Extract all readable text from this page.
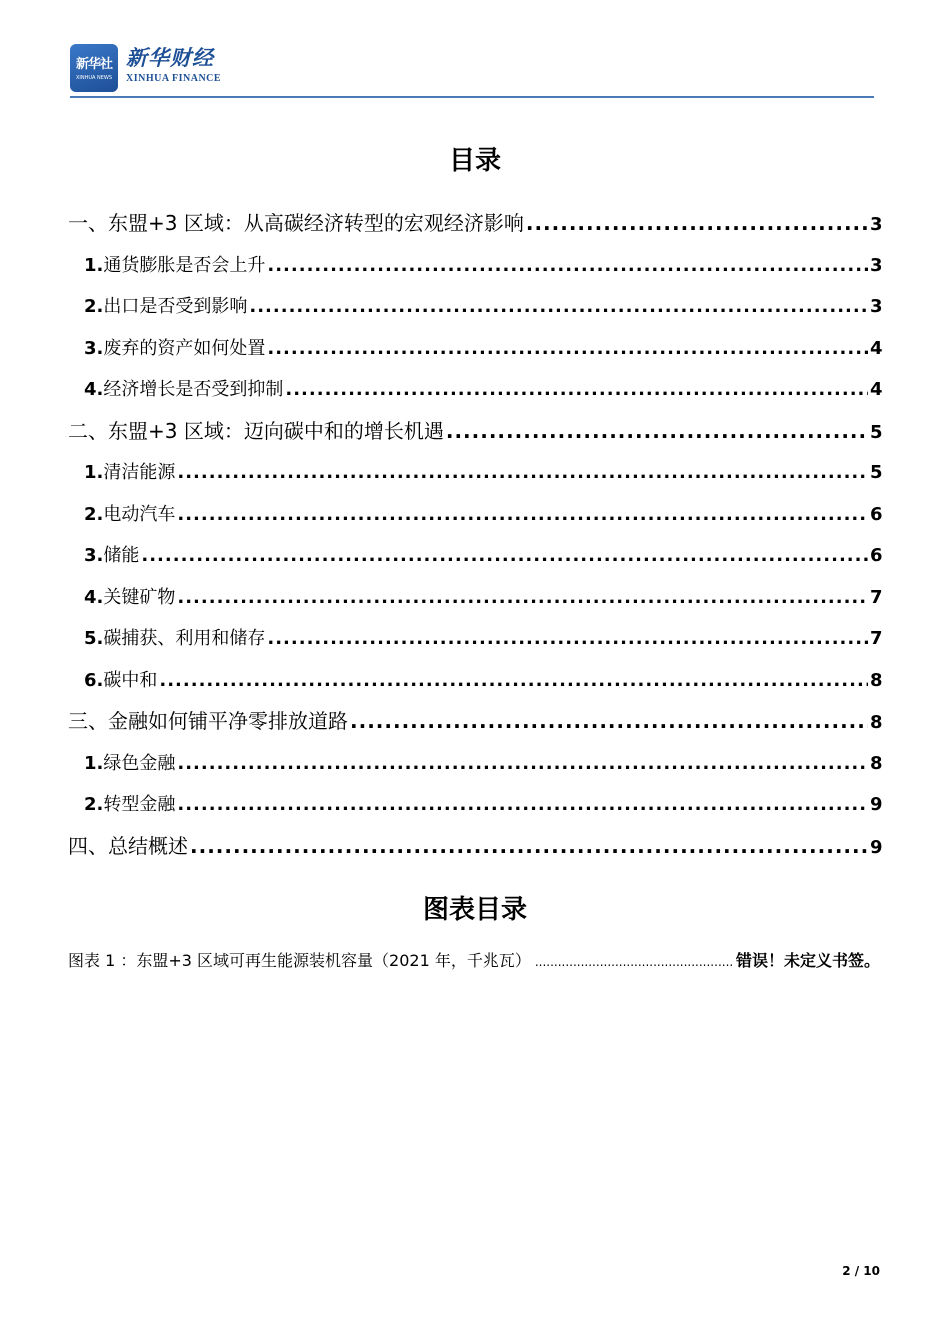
新华社
XINHUA NEWS
新华财经
XINHUA FINANCE
目录
一、东盟+3 区域：从高碳经济转型的宏观经济影响 .....	3
1. 通货膨胀是否会上升 .....	3
2. 出口是否受到影响 .....	3
3. 废弃的资产如何处置 .....	4
4. 经济增长是否受到抑制 .....	4
二、东盟+3 区域：迈向碳中和的增长机遇 .....	5
1. 清洁能源 .....	5
2. 电动汽车 .....	6
3. 储能 .....	6
4. 关键矿物 .....	7
5. 碳捕获、利用和储存 .....	7
6. 碳中和 .....	8
三、金融如何铺平净零排放道路 .....	8
1. 绿色金融 .....	8
2. 转型金融 .....	9
四、总结概述 .....	9
图表目录
图表 1 ：东盟+3 区域可再生能源装机容量（2021 年，千兆瓦） .....	错误！未定义书签。
2 / 10
